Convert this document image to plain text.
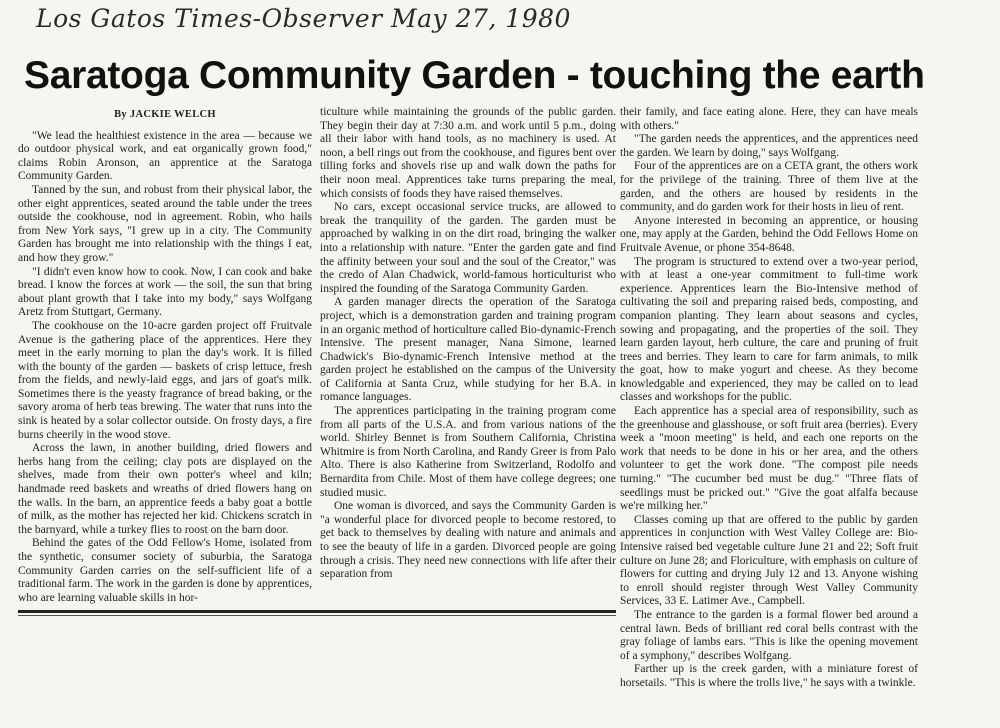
Los Gatos Times-Observer May 27, 1980
Saratoga Community Garden - touching the earth
By JACKIE WELCH

"We lead the healthiest existence in the area — because we do outdoor physical work, and eat organically grown food," claims Robin Aronson, an apprentice at the Saratoga Community Garden.

Tanned by the sun, and robust from their physical labor, the other eight apprentices, seated around the table under the trees outside the cookhouse, nod in agreement. Robin, who hails from New York says, "I grew up in a city. The Community Garden has brought me into relationship with the things I eat, and how they grow."

"I didn't even know how to cook. Now, I can cook and bake bread. I know the forces at work — the soil, the sun that bring about plant growth that I take into my body," says Wolfgang Aretz from Stuttgart, Germany.

The cookhouse on the 10-acre garden project off Fruitvale Avenue is the gathering place of the apprentices. Here they meet in the early morning to plan the day's work. It is filled with the bounty of the garden — baskets of crisp lettuce, fresh from the fields, and newly-laid eggs, and jars of goat's milk. Sometimes there is the yeasty fragrance of bread baking, or the savory aroma of herb teas brewing. The water that runs into the sink is heated by a solar collector outside. On frosty days, a fire burns cheerily in the wood stove.

Across the lawn, in another building, dried flowers and herbs hang from the ceiling; clay pots are displayed on the shelves, made from their own potter's wheel and kiln; handmade reed baskets and wreaths of dried flowers hang on the walls. In the barn, an apprentice feeds a baby goat a bottle of milk, as the mother has rejected her kid. Chickens scratch in the barnyard, while a turkey flies to roost on the barn door.

Behind the gates of the Odd Fellow's Home, isolated from the synthetic, consumer society of suburbia, the Saratoga Community Garden carries on the self-sufficient life of a traditional farm. The work in the garden is done by apprentices, who are learning valuable skills in hor-

ticulture while maintaining the grounds of the public garden. They begin their day at 7:30 a.m. and work until 5 p.m., doing all their labor with hand tools, as no machinery is used. At noon, a bell rings out from the cookhouse, and figures bent over tilling forks and shovels rise up and walk down the paths for their noon meal. Apprentices take turns preparing the meal, which consists of foods they have raised themselves.

No cars, except occasional service trucks, are allowed to break the tranquility of the garden. The garden must be approached by walking in on the dirt road, bringing the walker into a relationship with nature. "Enter the garden gate and find the affinity between your soul and the soul of the Creator," was the credo of Alan Chadwick, world-famous horticulturist who inspired the founding of the Saratoga Community Garden.

A garden manager directs the operation of the Saratoga project, which is a demonstration garden and training program in an organic method of horticulture called Bio-dynamic-French Intensive. The present manager, Nana Simone, learned Chadwick's Bio-dynamic-French Intensive method at the garden project he established on the campus of the University of California at Santa Cruz, while studying for her B.A. in romance languages.

The apprentices participating in the training program come from all parts of the U.S.A. and from various nations of the world. Shirley Bennet is from Southern California, Christina Whitmire is from North Carolina, and Randy Greer is from Palo Alto. There is also Katherine from Switzerland, Rodolfo and Bernardita from Chile. Most of them have college degrees; one studied music.

One woman is divorced, and says the Community Garden is "a wonderful place for divorced people to become restored, to get back to themselves by dealing with nature and animals and to see the beauty of life in a garden. Divorced people are going through a crisis. They need new connections with life after their separation from

their family, and face eating alone. Here, they can have meals with others."

"The garden needs the apprentices, and the apprentices need the garden. We learn by doing," says Wolfgang.

Four of the apprentices are on a CETA grant, the others work for the privilege of the training. Three of them live at the garden, and the others are housed by residents in the community, and do garden work for their hosts in lieu of rent.

Anyone interested in becoming an apprentice, or housing one, may apply at the Garden, behind the Odd Fellows Home on Fruitvale Avenue, or phone 354-8648.

The program is structured to extend over a two-year period, with at least a one-year commitment to full-time work experience. Apprentices learn the Bio-Intensive method of cultivating the soil and preparing raised beds, composting, and companion planting. They learn about seasons and cycles, sowing and propagating, and the properties of the soil. They learn garden layout, herb culture, the care and pruning of fruit trees and berries. They learn to care for farm animals, to milk the goat, how to make yogurt and cheese. As they become knowledgable and experienced, they may be called on to lead classes and workshops for the public.

Each apprentice has a special area of responsibility, such as the greenhouse and glasshouse, or soft fruit area (berries). Every week a "moon meeting" is held, and each one reports on the work that needs to be done in his or her area, and the others volunteer to get the work done. "The compost pile needs turning." "The cucumber bed must be dug." "Three flats of seedlings must be pricked out." "Give the goat alfalfa because we're milking her."

Classes coming up that are offered to the public by garden apprentices in conjunction with West Valley College are: Bio-Intensive raised bed vegetable culture June 21 and 22; Soft fruit culture on June 28; and Floriculture, with emphasis on culture of flowers for cutting and drying July 12 and 13. Anyone wishing to enroll should register through West Valley Community Services, 33 E. Latimer Ave., Campbell.

The entrance to the garden is a formal flower bed around a central lawn. Beds of brilliant red coral bells contrast with the gray foliage of lambs ears. "This is like the opening movement of a symphony," describes Wolfgang.

Farther up is the creek garden, with a miniature forest of horsetails. "This is where the trolls live," he says with a twinkle.
